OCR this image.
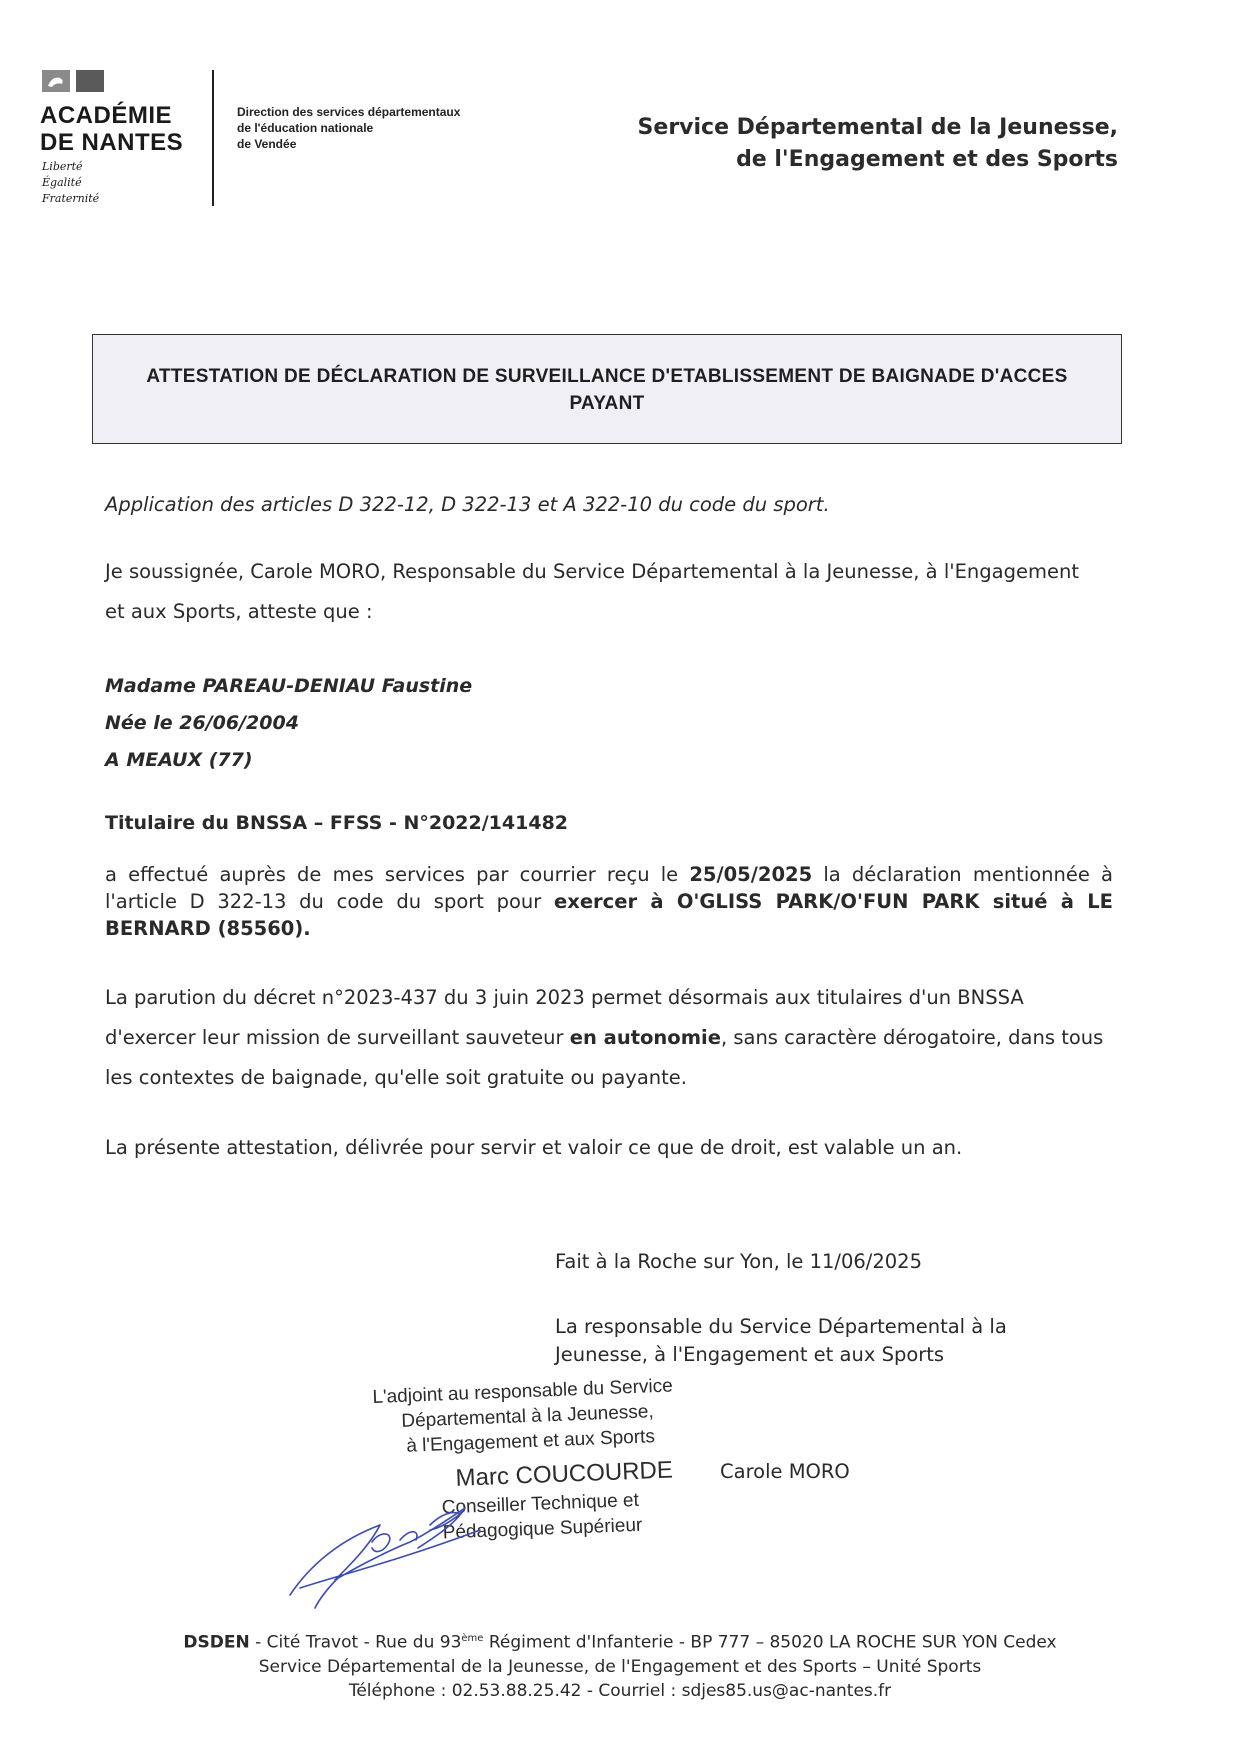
ACADÉMIE
DE NANTES
Liberté
Égalité
Fraternité
Direction des services départementaux
de l'éducation nationale
de Vendée
Service Départemental de la Jeunesse,
de l'Engagement et des Sports
ATTESTATION DE DÉCLARATION DE SURVEILLANCE D'ETABLISSEMENT DE BAIGNADE D'ACCES
PAYANT
Application des articles D 322-12, D 322-13 et A 322-10 du code du sport.
Je soussignée, Carole MORO, Responsable du Service Départemental à la Jeunesse, à l'Engagement
et aux Sports, atteste que :
Madame PAREAU-DENIAU Faustine
Née le 26/06/2004
A MEAUX (77)
Titulaire du BNSSA – FFSS - N°2022/141482
a effectué auprès de mes services par courrier reçu le 25/05/2025 la déclaration mentionnée à l'article D 322-13 du code du sport pour exercer à O'GLISS PARK/O'FUN PARK situé à LE BERNARD (85560).
La parution du décret n°2023-437 du 3 juin 2023 permet désormais aux titulaires d'un BNSSA
d'exercer leur mission de surveillant sauveteur en autonomie, sans caractère dérogatoire, dans tous
les contextes de baignade, qu'elle soit gratuite ou payante.
La présente attestation, délivrée pour servir et valoir ce que de droit, est valable un an.
Fait à la Roche sur Yon, le 11/06/2025
La responsable du Service Départemental à la
Jeunesse, à l'Engagement et aux Sports
L'adjoint au responsable du Service
Départemental à la Jeunesse,
à l'Engagement et aux Sports
Marc COUCOURDE
Conseiller Technique et
Pédagogique Supérieur
Carole MORO
DSDEN - Cité Travot - Rue du 93ème Régiment d'Infanterie - BP 777 – 85020 LA ROCHE SUR YON Cedex
Service Départemental de la Jeunesse, de l'Engagement et des Sports – Unité Sports
Téléphone : 02.53.88.25.42 - Courriel : sdjes85.us@ac-nantes.fr
